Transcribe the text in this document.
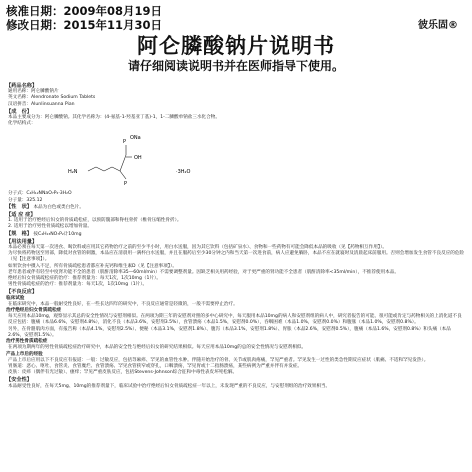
核准日期：2009年08月19日
修改日期：2015年11月30日	彼乐固®
阿仑膦酸钠片说明书
请仔细阅读说明书并在医师指导下使用。
【药品名称】
通用名称：阿仑膦酸钠片
英文名称：Alendronate Sodium Tablets
汉语拼音：Alunlinsuanna Pian
【成　份】
本品主要成分为：阿仑膦酸钠。其化学名称为：(4-氨基-1-羟基亚丁基)-1，1-二膦酸单钠盐三水化合物。
化学结构式：
H₂N
P
ONa
OH
P
·3H₂O
分子式：C₄H₁₂NNaO₇P₂·3H₂O
分子量：325.12
【性　状】 本品为白色或类白色片。
【适 应 症】
1. 适用于治疗绝经后妇女的骨质疏松症，以预防髋部和脊柱骨折（椎骨压缩性骨折）。
2. 适用于治疗男性骨质疏松以增加骨量。
【规　格】 按C₄H₁₃NO₇P₂计10mg
【用法用量】
本品必须在每天第一次进食、喝饮料或应用其它药物治疗之前的至少半小时，用白水送服，因为其它饮料（包括矿泉水）、食物和一些药物有可能会降低本品的吸收（见【药物相互作用】）。
为尽快将药物送至胃部，降低对食管的刺激，本品应在清晨用一满杯白水送服，并且在服药后至少30分钟之内和当天第一次进食前，病人应避免躺卧，本品不应在就寝时及清晨起床前服用。否则会增加发生食管不良反应的危险（见【注意事项】）。
如果饮食中摄入不足，所有骨质疏松患者都应补充钙和维生素D（见【注意事项】）。
老年患者或伴有轻至中度肾功能不全的患者（肌酐清除率35—60ml/min）不需要调整剂量。因缺乏相关用药经验，对于更严重的肾功能不全患者（肌酐清除率<35ml/min），不推荐使用本品。
绝经后妇女骨质疏松症的治疗：推荐剂量为：每天1次，1次10mg（1片）。
男性骨质疏松症的治疗：推荐剂量为：每天1次，1次10mg（1片）。
【不良反应】
临床试验
在临床研究中，本品一般耐受性良好，在一些长达四年的研究中，不良反应通常是轻微的，一般不需要停止治疗。
治疗绝经后妇女骨质疏松症
每天应用本品10mg，观察显示其总的安全性情况与安慰剂相似。在两项为期三年的安慰剂对照的多中心研究中，每天服用本品10mg的病人和安慰剂组的病人中，研究者报告的可能、很可能或肯定与药物相关的上消化道不良反应包括：腹痛（本品6.6%，安慰剂4.8%），消化不良（本品3.6%，安慰剂3.5%），食管溃疡（本品1.5%，安慰剂0.0%），吞咽困难（本品1.0%，安慰剂0.0%）和腹胀（本品1.0%，安慰剂0.8%）。
另外，在骨骼肌肉方面，有报告称（本品4.1%，安慰剂2.5%）、便秘（本品3.1%，安慰剂1.8%）、腹泻（本品3.1%，安慰剂1.8%）、胃胀（本品2.6%，安慰剂0.5%），腹痛（本品1.6%，安慰剂0.8%）和头痛（本品2.6%，安慰剂1.5%）。
治疗男性骨质疏松症
在两项为期两年的男性骨质疏松症治疗研究中，本品的安全性与绝经后妇女的研究结果相似。每天应用本品10mg的总的安全性情况与安慰剂相似。
产品上市后的经验
产品上市后应用以下不良反应有报道：一般：过敏反应，包括荨麻疹、罕见的血管性水肿。伴随开始治疗的骨、关节或肌肉疼痛，罕见严重者。罕见发生一过性的类急性期反应症状（肌痛、不适和罕见发热）。
胃肠道：恶心、呕吐、食管炎、食管糜烂、食管溃疡、罕见食管狭窄或穿孔，口咽溃疡，罕见胃或十二指肠溃疡，某些病例为严重并伴有并发症。
皮肤：皮疹（偶伴有光过敏）、瘙痒；罕见严重皮肤反应，包括Stevens-Johnson综合征和中毒性表皮坏死松解。
【安全性】
本品耐受性良好，在每天5mg、10mg的推荐剂量下，临床试验中治疗绝经后妇女骨质疏松症一年以上，未发现严重的不良反应，与安慰剂组的治疗效果相当。
